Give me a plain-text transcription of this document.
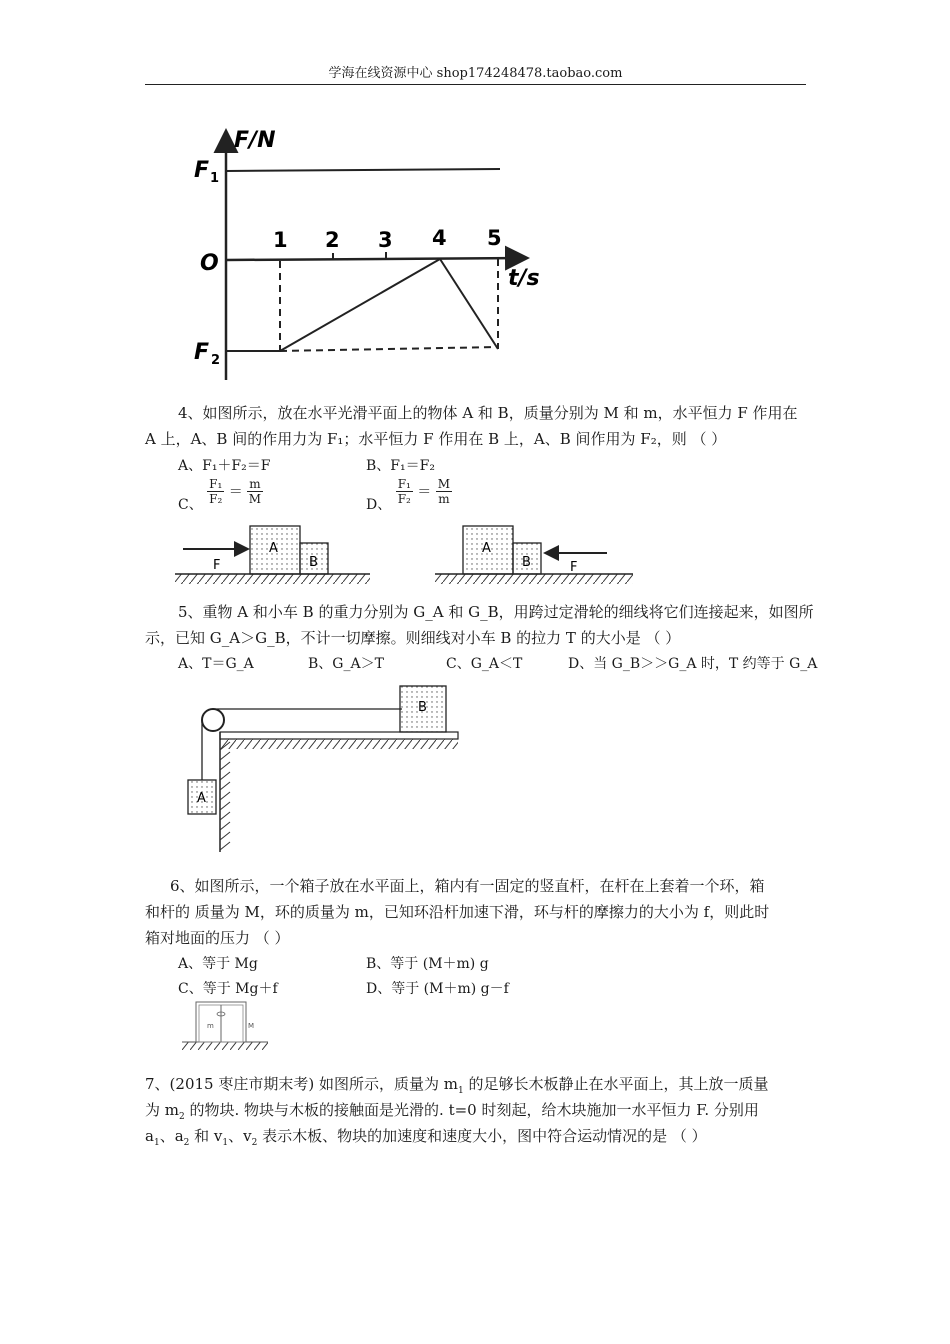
学海在线资源中心 shop174248478.taobao.com
F/N
t/s
F 1
F 2
O
1 2 3 4 5
4、如图所示，放在水平光滑平面上的物体 A 和 B，质量分别为 M 和 m，水平恒力 F 作用在
A 上，A、B 间的作用力为 F₁；水平恒力 F 作用在 B 上，A、B 间作用为 F₂，则 （ ）
A、F₁＋F₂＝F	B、F₁＝F₂
C、 $\frac{\text{F₁}}{\text{F₂}} = \frac{m}{M}$	D、 $\frac{\text{F₁}}{\text{F₂}} = \frac{M}{m}$
A
B
F
A
B	F
5、重物 A 和小车 B 的重力分别为 G_A 和 G_B，用跨过定滑轮的细线将它们连接起来，如图所
示，已知 G_A＞G_B，不计一切摩擦。则细线对小车 B 的拉力 T 的大小是 （ ）
A、T＝G_A	B、G_A＞T	C、G_A＜T	D、当 G_B＞＞G_A 时，T 约等于 G_A
B
A
6、如图所示，一个箱子放在水平面上，箱内有一固定的竖直杆，在杆在上套着一个环，箱
和杆的 质量为 M，环的质量为 m，已知环沿杆加速下滑，环与杆的摩擦力的大小为 f，则此时
箱对地面的压力 （ ）
A、等于 Mg	B、等于 (M＋m) g
C、等于 Mg＋f	D、等于 (M＋m) g－f
m	M
7、(2015 枣庄市期末考) 如图所示，质量为 $m_1$ 的足够长木板静止在水平面上，其上放一质量
为 $m_2$ 的物块. 物块与木板的接触面是光滑的. t=0 时刻起，给木块施加一水平恒力 F. 分别用
$a_1$、$a_2$ 和 $v_1$、$v_2$ 表示木板、物块的加速度和速度大小，图中符合运动情况的是 （ ）
